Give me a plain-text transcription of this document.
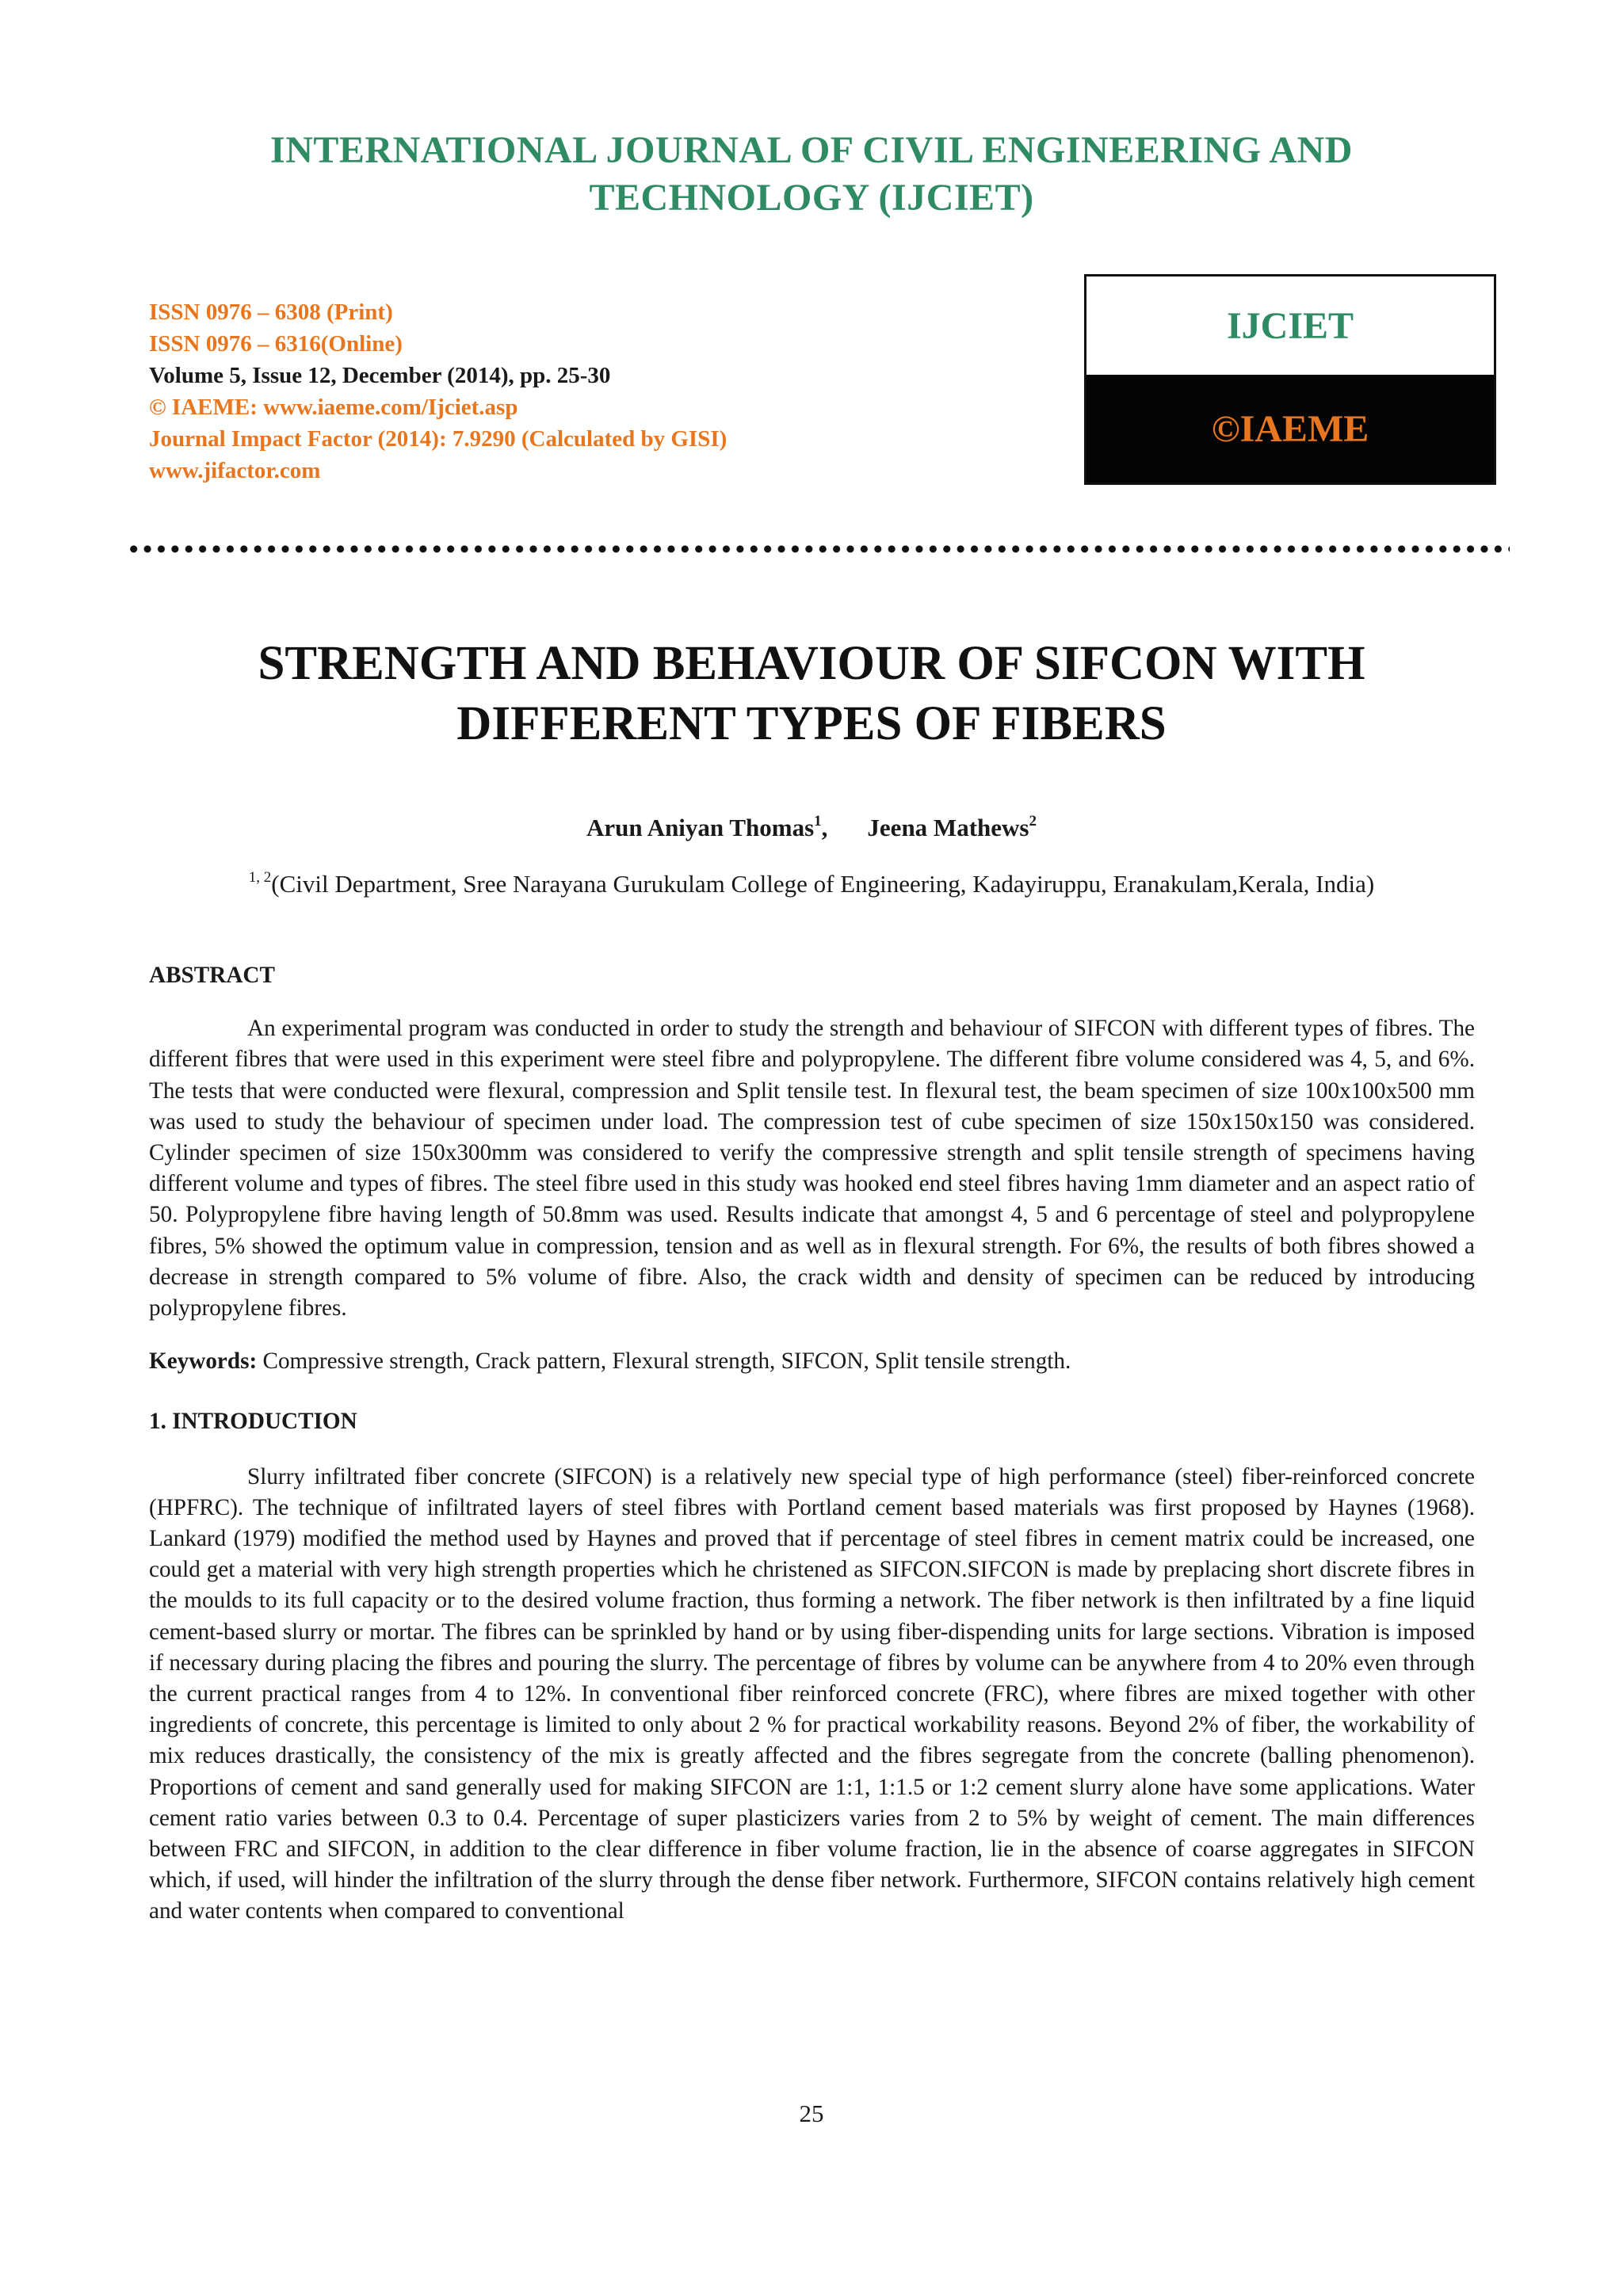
INTERNATIONAL JOURNAL OF CIVIL ENGINEERING AND
TECHNOLOGY (IJCIET)
ISSN 0976 – 6308 (Print)
ISSN 0976 – 6316(Online)
Volume 5, Issue 12, December (2014), pp. 25-30
© IAEME: www.iaeme.com/Ijciet.asp
Journal Impact Factor (2014): 7.9290 (Calculated by GISI)
www.jifactor.com
IJCIET
©IAEME
STRENGTH AND BEHAVIOUR OF SIFCON WITH
DIFFERENT TYPES OF FIBERS
Arun Aniyan Thomas$^1$, Jeena Mathews$^2$
$^{1, 2}$(Civil Department, Sree Narayana Gurukulam College of Engineering, Kadayiruppu, Eranakulam,Kerala, India)
ABSTRACT

An experimental program was conducted in order to study the strength and behaviour of SIFCON with different types of fibres. The different fibres that were used in this experiment were steel fibre and polypropylene. The different fibre volume considered was 4, 5, and 6%. The tests that were conducted were flexural, compression and Split tensile test. In flexural test, the beam specimen of size 100x100x500 mm was used to study the behaviour of specimen under load. The compression test of cube specimen of size 150x150x150 was considered. Cylinder specimen of size 150x300mm was considered to verify the compressive strength and split tensile strength of specimens having different volume and types of fibres. The steel fibre used in this study was hooked end steel fibres having 1mm diameter and an aspect ratio of 50. Polypropylene fibre having length of 50.8mm was used. Results indicate that amongst 4, 5 and 6 percentage of steel and polypropylene fibres, 5% showed the optimum value in compression, tension and as well as in flexural strength. For 6%, the results of both fibres showed a decrease in strength compared to 5% volume of fibre. Also, the crack width and density of specimen can be reduced by introducing polypropylene fibres.

Keywords: Compressive strength, Crack pattern, Flexural strength, SIFCON, Split tensile strength.

1. INTRODUCTION

Slurry infiltrated fiber concrete (SIFCON) is a relatively new special type of high performance (steel) fiber-reinforced concrete (HPFRC). The technique of infiltrated layers of steel fibres with Portland cement based materials was first proposed by Haynes (1968). Lankard (1979) modified the method used by Haynes and proved that if percentage of steel fibres in cement matrix could be increased, one could get a material with very high strength properties which he christened as SIFCON.SIFCON is made by preplacing short discrete fibres in the moulds to its full capacity or to the desired volume fraction, thus forming a network. The fiber network is then infiltrated by a fine liquid cement-based slurry or mortar. The fibres can be sprinkled by hand or by using fiber-dispending units for large sections. Vibration is imposed if necessary during placing the fibres and pouring the slurry. The percentage of fibres by volume can be anywhere from 4 to 20% even through the current practical ranges from 4 to 12%. In conventional fiber reinforced concrete (FRC), where fibres are mixed together with other ingredients of concrete, this percentage is limited to only about 2 % for practical workability reasons. Beyond 2% of fiber, the workability of mix reduces drastically, the consistency of the mix is greatly affected and the fibres segregate from the concrete (balling phenomenon). Proportions of cement and sand generally used for making SIFCON are 1:1, 1:1.5 or 1:2 cement slurry alone have some applications. Water cement ratio varies between 0.3 to 0.4. Percentage of super plasticizers varies from 2 to 5% by weight of cement. The main differences between FRC and SIFCON, in addition to the clear difference in fiber volume fraction, lie in the absence of coarse aggregates in SIFCON which, if used, will hinder the infiltration of the slurry through the dense fiber network. Furthermore, SIFCON contains relatively high cement and water contents when compared to conventional

25
